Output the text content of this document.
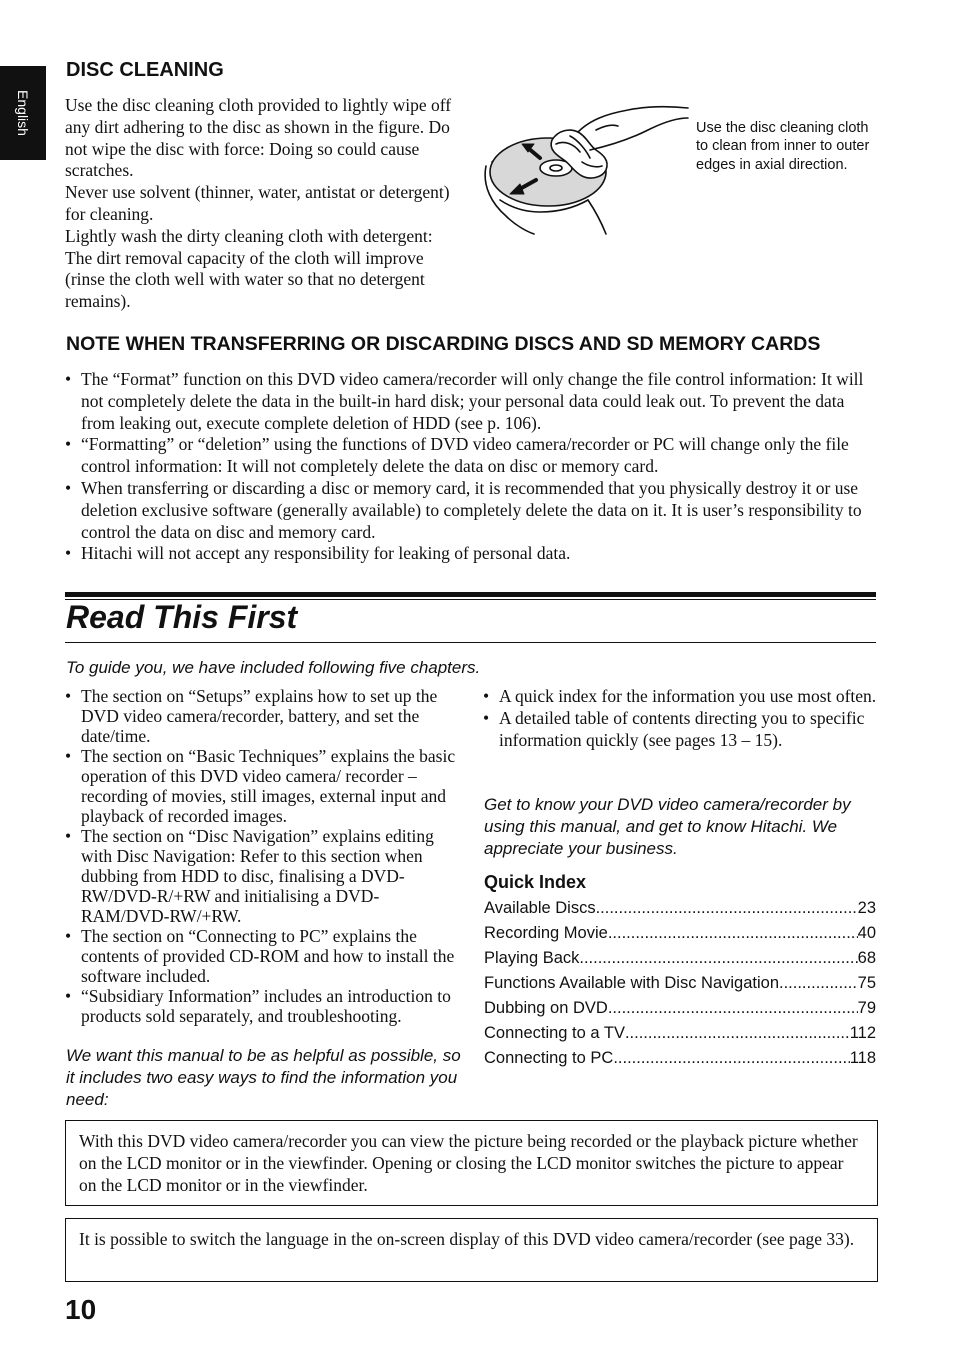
English
DISC CLEANING

Use the disc cleaning cloth provided to lightly wipe off any dirt adhering to the disc as shown in the figure. Do not wipe the disc with force: Doing so could cause scratches.

Never use solvent (thinner, water, antistat or detergent) for cleaning.

Lightly wash the dirty cleaning cloth with detergent: The dirt removal capacity of the cloth will improve (rinse the cloth well with water so that no detergent remains).

Use the disc cleaning cloth to clean from inner to outer edges in axial direction.

NOTE WHEN TRANSFERRING OR DISCARDING DISCS AND SD MEMORY CARDS
• The “Format” function on this DVD video camera/recorder will only change the file control information: It will not completely delete the data in the built-in hard disk; your personal data could leak out. To prevent the data from leaking out, execute complete deletion of HDD (see p. 106).
• “Formatting” or “deletion” using the functions of DVD video camera/recorder or PC will change only the file control information: It will not completely delete the data on disc or memory card.
• When transferring or discarding a disc or memory card, it is recommended that you physically destroy it or use deletion exclusive software (generally available) to completely delete the data on it. It is user’s responsibility to control the data on disc and memory card.
• Hitachi will not accept any responsibility for leaking of personal data.
Read This First

To guide you, we have included following five chapters.

• The section on “Setups” explains how to set up the DVD video camera/recorder, battery, and set the date/time.
• The section on “Basic Techniques” explains the basic operation of this DVD video camera/ recorder – recording of movies, still images, external input and playback of recorded images.
• The section on “Disc Navigation” explains editing with Disc Navigation: Refer to this section when dubbing from HDD to disc, finalising a DVD-RW/DVD-R/+RW and initialising a DVD-RAM/DVD-RW/+RW.
• The section on “Connecting to PC” explains the contents of provided CD-ROM and how to install the software included.
• “Subsidiary Information” includes an introduction to products sold separately, and troubleshooting.

We want this manual to be as helpful as possible, so it includes two easy ways to find the information you need:

• A quick index for the information you use most often.
• A detailed table of contents directing you to specific information quickly (see pages 13 – 15).

Get to know your DVD video camera/recorder by using this manual, and get to know Hitachi. We appreciate your business.

Quick Index
Available Discs .....	23
Recording Movie .....	40
Playing Back .....	68
Functions Available with Disc Navigation .....	75
Dubbing on DVD .....	79
Connecting to a TV .....	112
Connecting to PC .....	118

With this DVD video camera/recorder you can view the picture being recorded or the playback picture whether on the LCD monitor or in the viewfinder. Opening or closing the LCD monitor switches the picture to appear on the LCD monitor or in the viewfinder.

It is possible to switch the language in the on-screen display of this DVD video camera/recorder (see page 33).

10
